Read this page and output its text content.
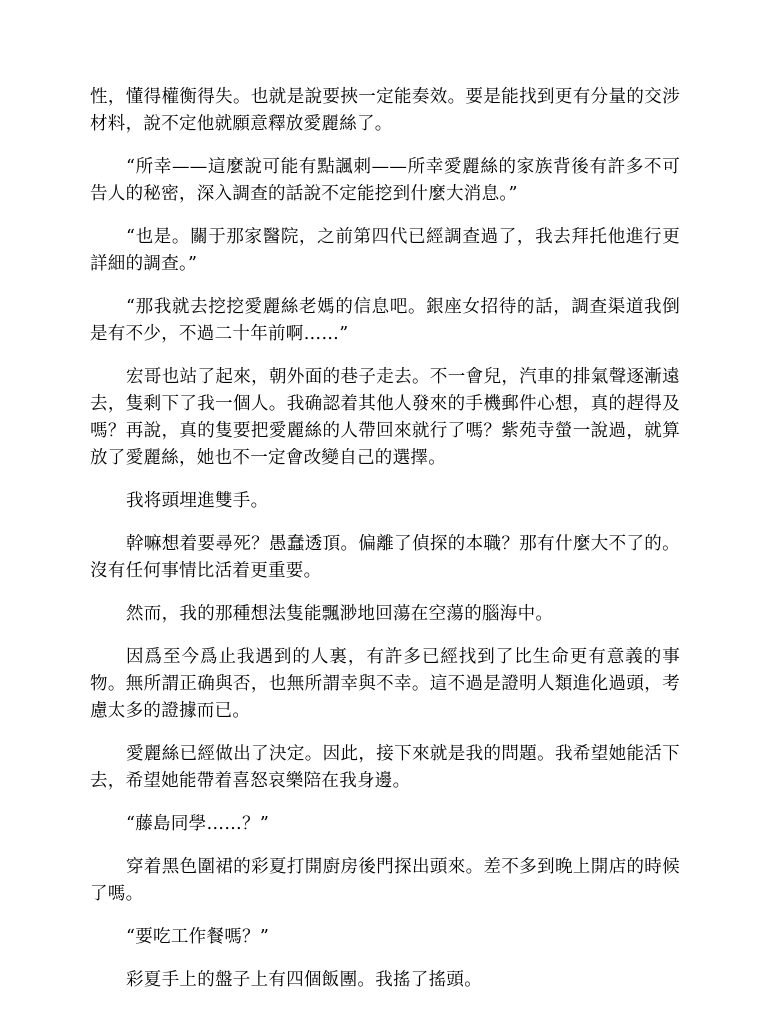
性，懂得權衡得失。也就是說要挾一定能奏效。要是能找到更有分量的交涉材料，說不定他就願意釋放愛麗絲了。

“所幸——這麼說可能有點諷刺——所幸愛麗絲的家族背後有許多不可告人的秘密，深入調查的話說不定能挖到什麼大消息。”

“也是。關于那家醫院，之前第四代已經調查過了，我去拜托他進行更詳細的調查。”

“那我就去挖挖愛麗絲老媽的信息吧。銀座女招待的話，調查渠道我倒是有不少，不過二十年前啊……”

宏哥也站了起來，朝外面的巷子走去。不一會兒，汽車的排氣聲逐漸遠去，隻剩下了我一個人。我确認着其他人發來的手機郵件心想，真的趕得及嗎？再說，真的隻要把愛麗絲的人帶回來就行了嗎？紫苑寺螢一說過，就算放了愛麗絲，她也不一定會改變自己的選擇。

我将頭埋進雙手。

幹嘛想着要尋死？愚蠢透頂。偏離了偵探的本職？那有什麼大不了的。沒有任何事情比活着更重要。

然而，我的那種想法隻能飄渺地回蕩在空蕩的腦海中。

因爲至今爲止我遇到的人裏，有許多已經找到了比生命更有意義的事物。無所謂正确與否，也無所謂幸與不幸。這不過是證明人類進化過頭，考慮太多的證據而已。

愛麗絲已經做出了決定。因此，接下來就是我的問題。我希望她能活下去，希望她能帶着喜怒哀樂陪在我身邊。

“藤島同學……？”

穿着黑色圍裙的彩夏打開廚房後門探出頭來。差不多到晚上開店的時候了嗎。

“要吃工作餐嗎？”

彩夏手上的盤子上有四個飯團。我搖了搖頭。
